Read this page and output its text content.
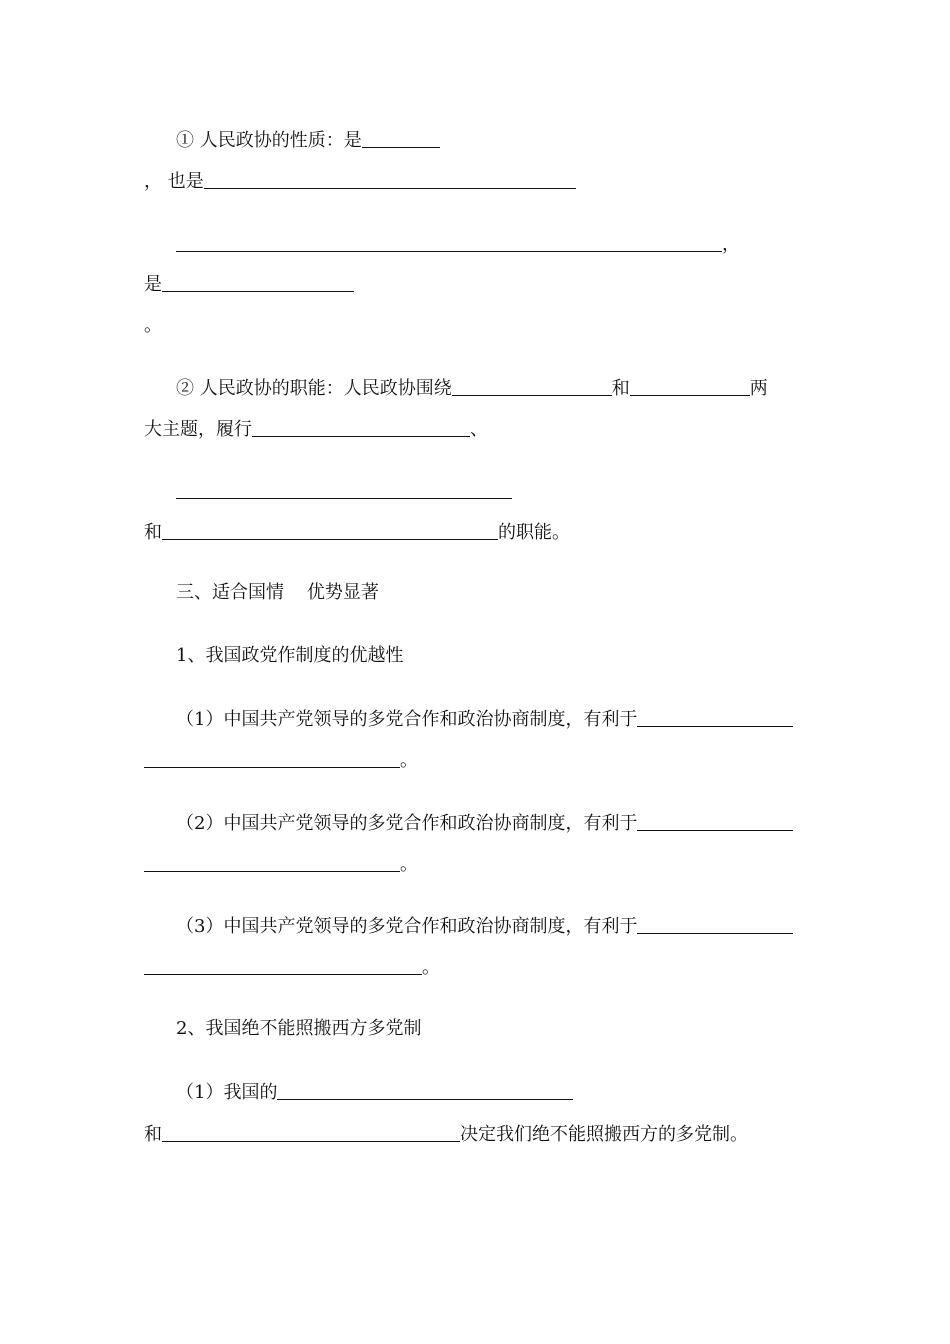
① 人民政协的性质：是
， 也是
，
是
。
② 人民政协的职能：人民政协围绕	和	两
大主题，履行	、
和	的职能。
三、适合国情    优势显著
1、我国政党作制度的优越性
（1）中国共产党领导的多党合作和政治协商制度，有利于
。
（2）中国共产党领导的多党合作和政治协商制度，有利于
。
（3）中国共产党领导的多党合作和政治协商制度，有利于
。
2、我国绝不能照搬西方多党制
（1）我国的
和	决定我们绝不能照搬西方的多党制。
